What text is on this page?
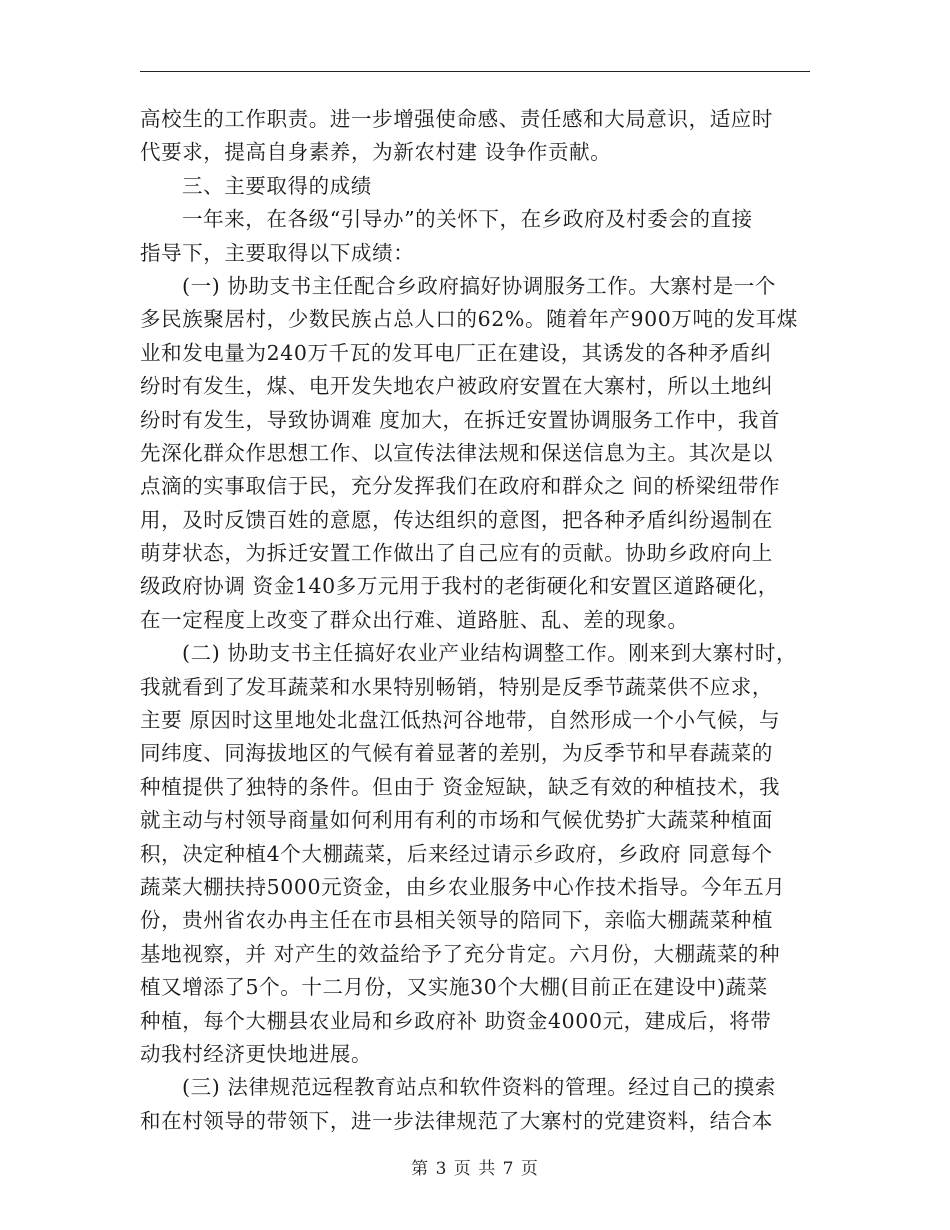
高校生的工作职责。进一步增强使命感、责任感和大局意识，适应时
代要求，提高自身素养，为新农村建 设争作贡献。
三、主要取得的成绩
一年来，在各级“引导办”的关怀下，在乡政府及村委会的直接
指导下，主要取得以下成绩：
(一) 协助支书主任配合乡政府搞好协调服务工作。大寨村是一个
多民族聚居村，少数民族占总人口的62%。随着年产900万吨的发耳煤
业和发电量为240万千瓦的发耳电厂正在建设，其诱发的各种矛盾纠
纷时有发生，煤、电开发失地农户被政府安置在大寨村，所以土地纠
纷时有发生，导致协调难 度加大，在拆迁安置协调服务工作中，我首
先深化群众作思想工作、以宣传法律法规和保送信息为主。其次是以
点滴的实事取信于民，充分发挥我们在政府和群众之 间的桥梁纽带作
用，及时反馈百姓的意愿，传达组织的意图，把各种矛盾纠纷遏制在
萌芽状态，为拆迁安置工作做出了自己应有的贡献。协助乡政府向上
级政府协调 资金140多万元用于我村的老街硬化和安置区道路硬化，
在一定程度上改变了群众出行难、道路脏、乱、差的现象。
(二) 协助支书主任搞好农业产业结构调整工作。刚来到大寨村时，
我就看到了发耳蔬菜和水果特别畅销，特别是反季节蔬菜供不应求，
主要 原因时这里地处北盘江低热河谷地带，自然形成一个小气候，与
同纬度、同海拔地区的气候有着显著的差别，为反季节和早春蔬菜的
种植提供了独特的条件。但由于 资金短缺，缺乏有效的种植技术，我
就主动与村领导商量如何利用有利的市场和气候优势扩大蔬菜种植面
积，决定种植4个大棚蔬菜，后来经过请示乡政府，乡政府 同意每个
蔬菜大棚扶持5000元资金，由乡农业服务中心作技术指导。今年五月
份，贵州省农办冉主任在市县相关领导的陪同下，亲临大棚蔬菜种植
基地视察，并 对产生的效益给予了充分肯定。六月份，大棚蔬菜的种
植又增添了5个。十二月份，又实施30个大棚(目前正在建设中)蔬菜
种植，每个大棚县农业局和乡政府补 助资金4000元，建成后，将带
动我村经济更快地进展。
(三) 法律规范远程教育站点和软件资料的管理。经过自己的摸索
和在村领导的带领下，进一步法律规范了大寨村的党建资料，结合本
第 3 页 共 7 页
